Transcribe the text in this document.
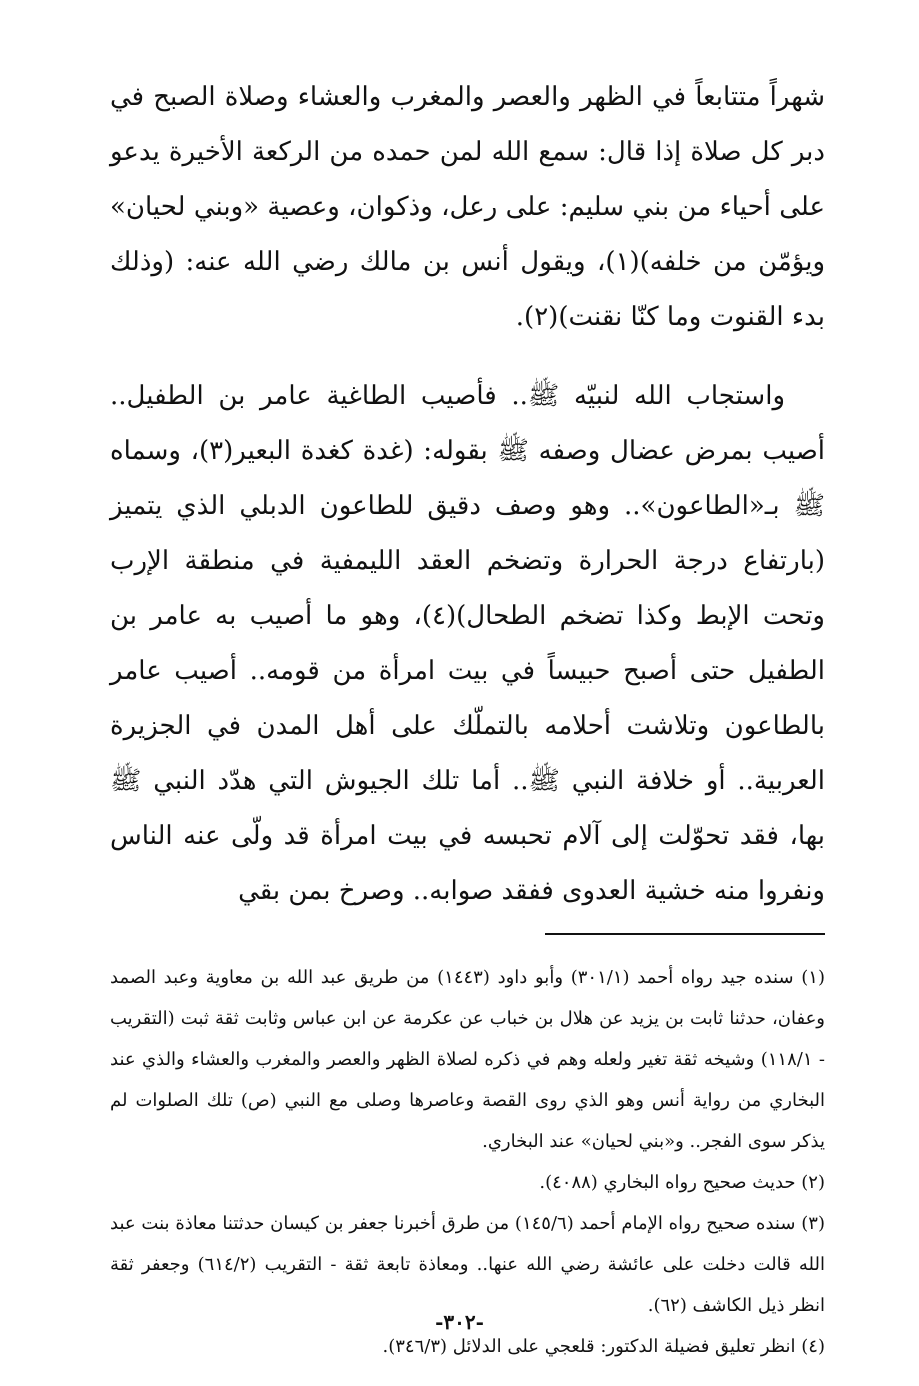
شهراً متتابعاً في الظهر والعصر والمغرب والعشاء وصلاة الصبح في دبر كل صلاة إذا قال: سمع الله لمن حمده من الركعة الأخيرة يدعو على أحياء من بني سليم: على رعل، وذكوان، وعصية «وبني لحيان» ويؤمّن من خلفه)(١)، ويقول أنس بن مالك رضي الله عنه: (وذلك بدء القنوت وما كنّا نقنت)(٢).

واستجاب الله لنبيّه ﷺ.. فأصيب الطاغية عامر بن الطفيل.. أصيب بمرض عضال وصفه ﷺ بقوله: (غدة كغدة البعير(٣)، وسماه ﷺ بـ«الطاعون».. وهو وصف دقيق للطاعون الدبلي الذي يتميز (بارتفاع درجة الحرارة وتضخم العقد الليمفية في منطقة الإرب وتحت الإبط وكذا تضخم الطحال)(٤)، وهو ما أصيب به عامر بن الطفيل حتى أصبح حبيساً في بيت امرأة من قومه.. أصيب عامر بالطاعون وتلاشت أحلامه بالتملّك على أهل المدن في الجزيرة العربية.. أو خلافة النبي ﷺ.. أما تلك الجيوش التي هدّد النبي ﷺ بها، فقد تحوّلت إلى آلام تحبسه في بيت امرأة قد ولّى عنه الناس ونفروا منه خشية العدوى ففقد صوابه.. وصرخ بمن بقي

(١) سنده جيد رواه أحمد (٣٠١/١) وأبو داود (١٤٤٣) من طريق عبد الله بن معاوية وعبد الصمد وعفان، حدثنا ثابت بن يزيد عن هلال بن خباب عن عكرمة عن ابن عباس وثابت ثقة ثبت (التقريب - ١١٨/١) وشيخه ثقة تغير ولعله وهم في ذكره لصلاة الظهر والعصر والمغرب والعشاء والذي عند البخاري من رواية أنس وهو الذي روى القصة وعاصرها وصلى مع النبي (ص) تلك الصلوات لم يذكر سوى الفجر.. و«بني لحيان» عند البخاري.

(٢) حديث صحيح رواه البخاري (٤٠٨٨).

(٣) سنده صحيح رواه الإمام أحمد (١٤٥/٦) من طرق أخبرنا جعفر بن كيسان حدثتنا معاذة بنت عبد الله قالت دخلت على عائشة رضي الله عنها.. ومعاذة تابعة ثقة - التقريب (٦١٤/٢) وجعفر ثقة انظر ذيل الكاشف (٦٢).

(٤) انظر تعليق فضيلة الدكتور: قلعجي على الدلائل (٣٤٦/٣).

-٣٠٢-
